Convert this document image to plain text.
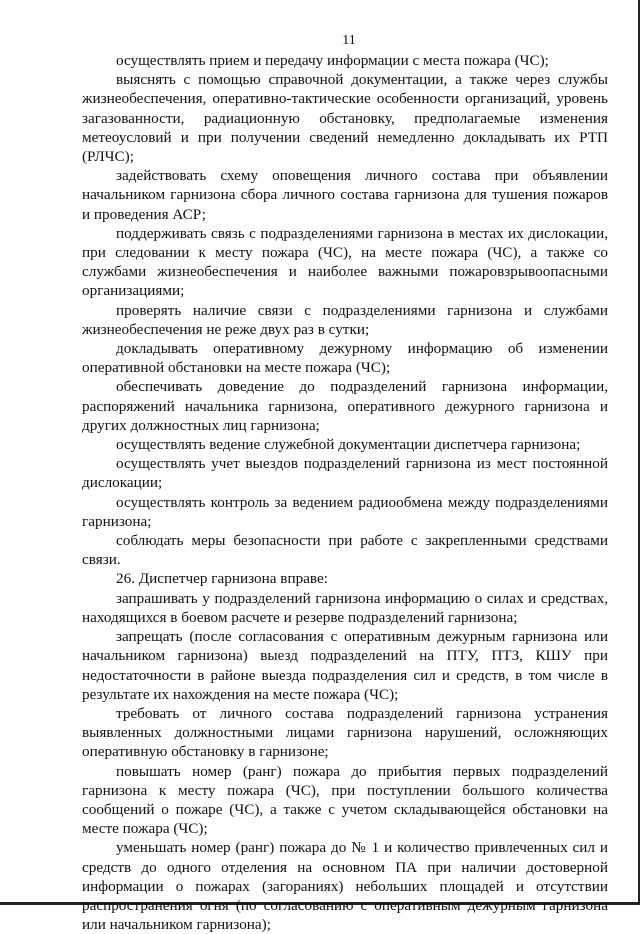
11

осуществлять прием и передачу информации с места пожара (ЧС);

выяснять с помощью справочной документации, а также через службы жизнеобеспечения, оперативно-тактические особенности организаций, уровень загазованности, радиационную обстановку, предполагаемые изменения метеоусловий и при получении сведений немедленно докладывать их РТП (РЛЧС);

задействовать схему оповещения личного состава при объявлении начальником гарнизона сбора личного состава гарнизона для тушения пожаров и проведения АСР;

поддерживать связь с подразделениями гарнизона в местах их дислокации, при следовании к месту пожара (ЧС), на месте пожара (ЧС), а также со службами жизнеобеспечения и наиболее важными пожаровзрывоопасными организациями;

проверять наличие связи с подразделениями гарнизона и службами жизнеобеспечения не реже двух раз в сутки;

докладывать оперативному дежурному информацию об изменении оперативной обстановки на месте пожара (ЧС);

обеспечивать доведение до подразделений гарнизона информации, распоряжений начальника гарнизона, оперативного дежурного гарнизона и других должностных лиц гарнизона;

осуществлять ведение служебной документации диспетчера гарнизона;

осуществлять учет выездов подразделений гарнизона из мест постоянной дислокации;

осуществлять контроль за ведением радиообмена между подразделениями гарнизона;

соблюдать меры безопасности при работе с закрепленными средствами связи.

26. Диспетчер гарнизона вправе:

запрашивать у подразделений гарнизона информацию о силах и средствах, находящихся в боевом расчете и резерве подразделений гарнизона;

запрещать (после согласования с оперативным дежурным гарнизона или начальником гарнизона) выезд подразделений на ПТУ, ПТЗ, КШУ при недостаточности в районе выезда подразделения сил и средств, в том числе в результате их нахождения на месте пожара (ЧС);

требовать от личного состава подразделений гарнизона устранения выявленных должностными лицами гарнизона нарушений, осложняющих оперативную обстановку в гарнизоне;

повышать номер (ранг) пожара до прибытия первых подразделений гарнизона к месту пожара (ЧС), при поступлении большого количества сообщений о пожаре (ЧС), а также с учетом складывающейся обстановки на месте пожара (ЧС);

уменьшать номер (ранг) пожара до № 1 и количество привлеченных сил и средств до одного отделения на основном ПА при наличии достоверной информации о пожарах (загораниях) небольших площадей и отсутствии распространения огня (по согласованию с оперативным дежурным гарнизона или начальником гарнизона);
